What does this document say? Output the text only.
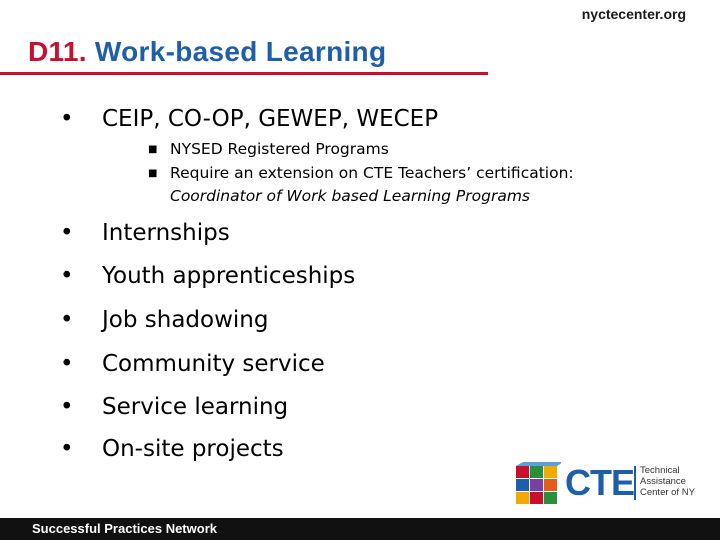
nyctecenter.org
D11. Work-based Learning
• CEIP, CO-OP, GEWEP, WECEP
■ NYSED Registered Programs
■ Require an extension on CTE Teachers’ certification:
Coordinator of Work based Learning Programs
• Internships
• Youth apprenticeships
• Job shadowing
• Community service
• Service learning
• On-site projects
CTE Technical
Assistance
Center of NY
Successful Practices Network
